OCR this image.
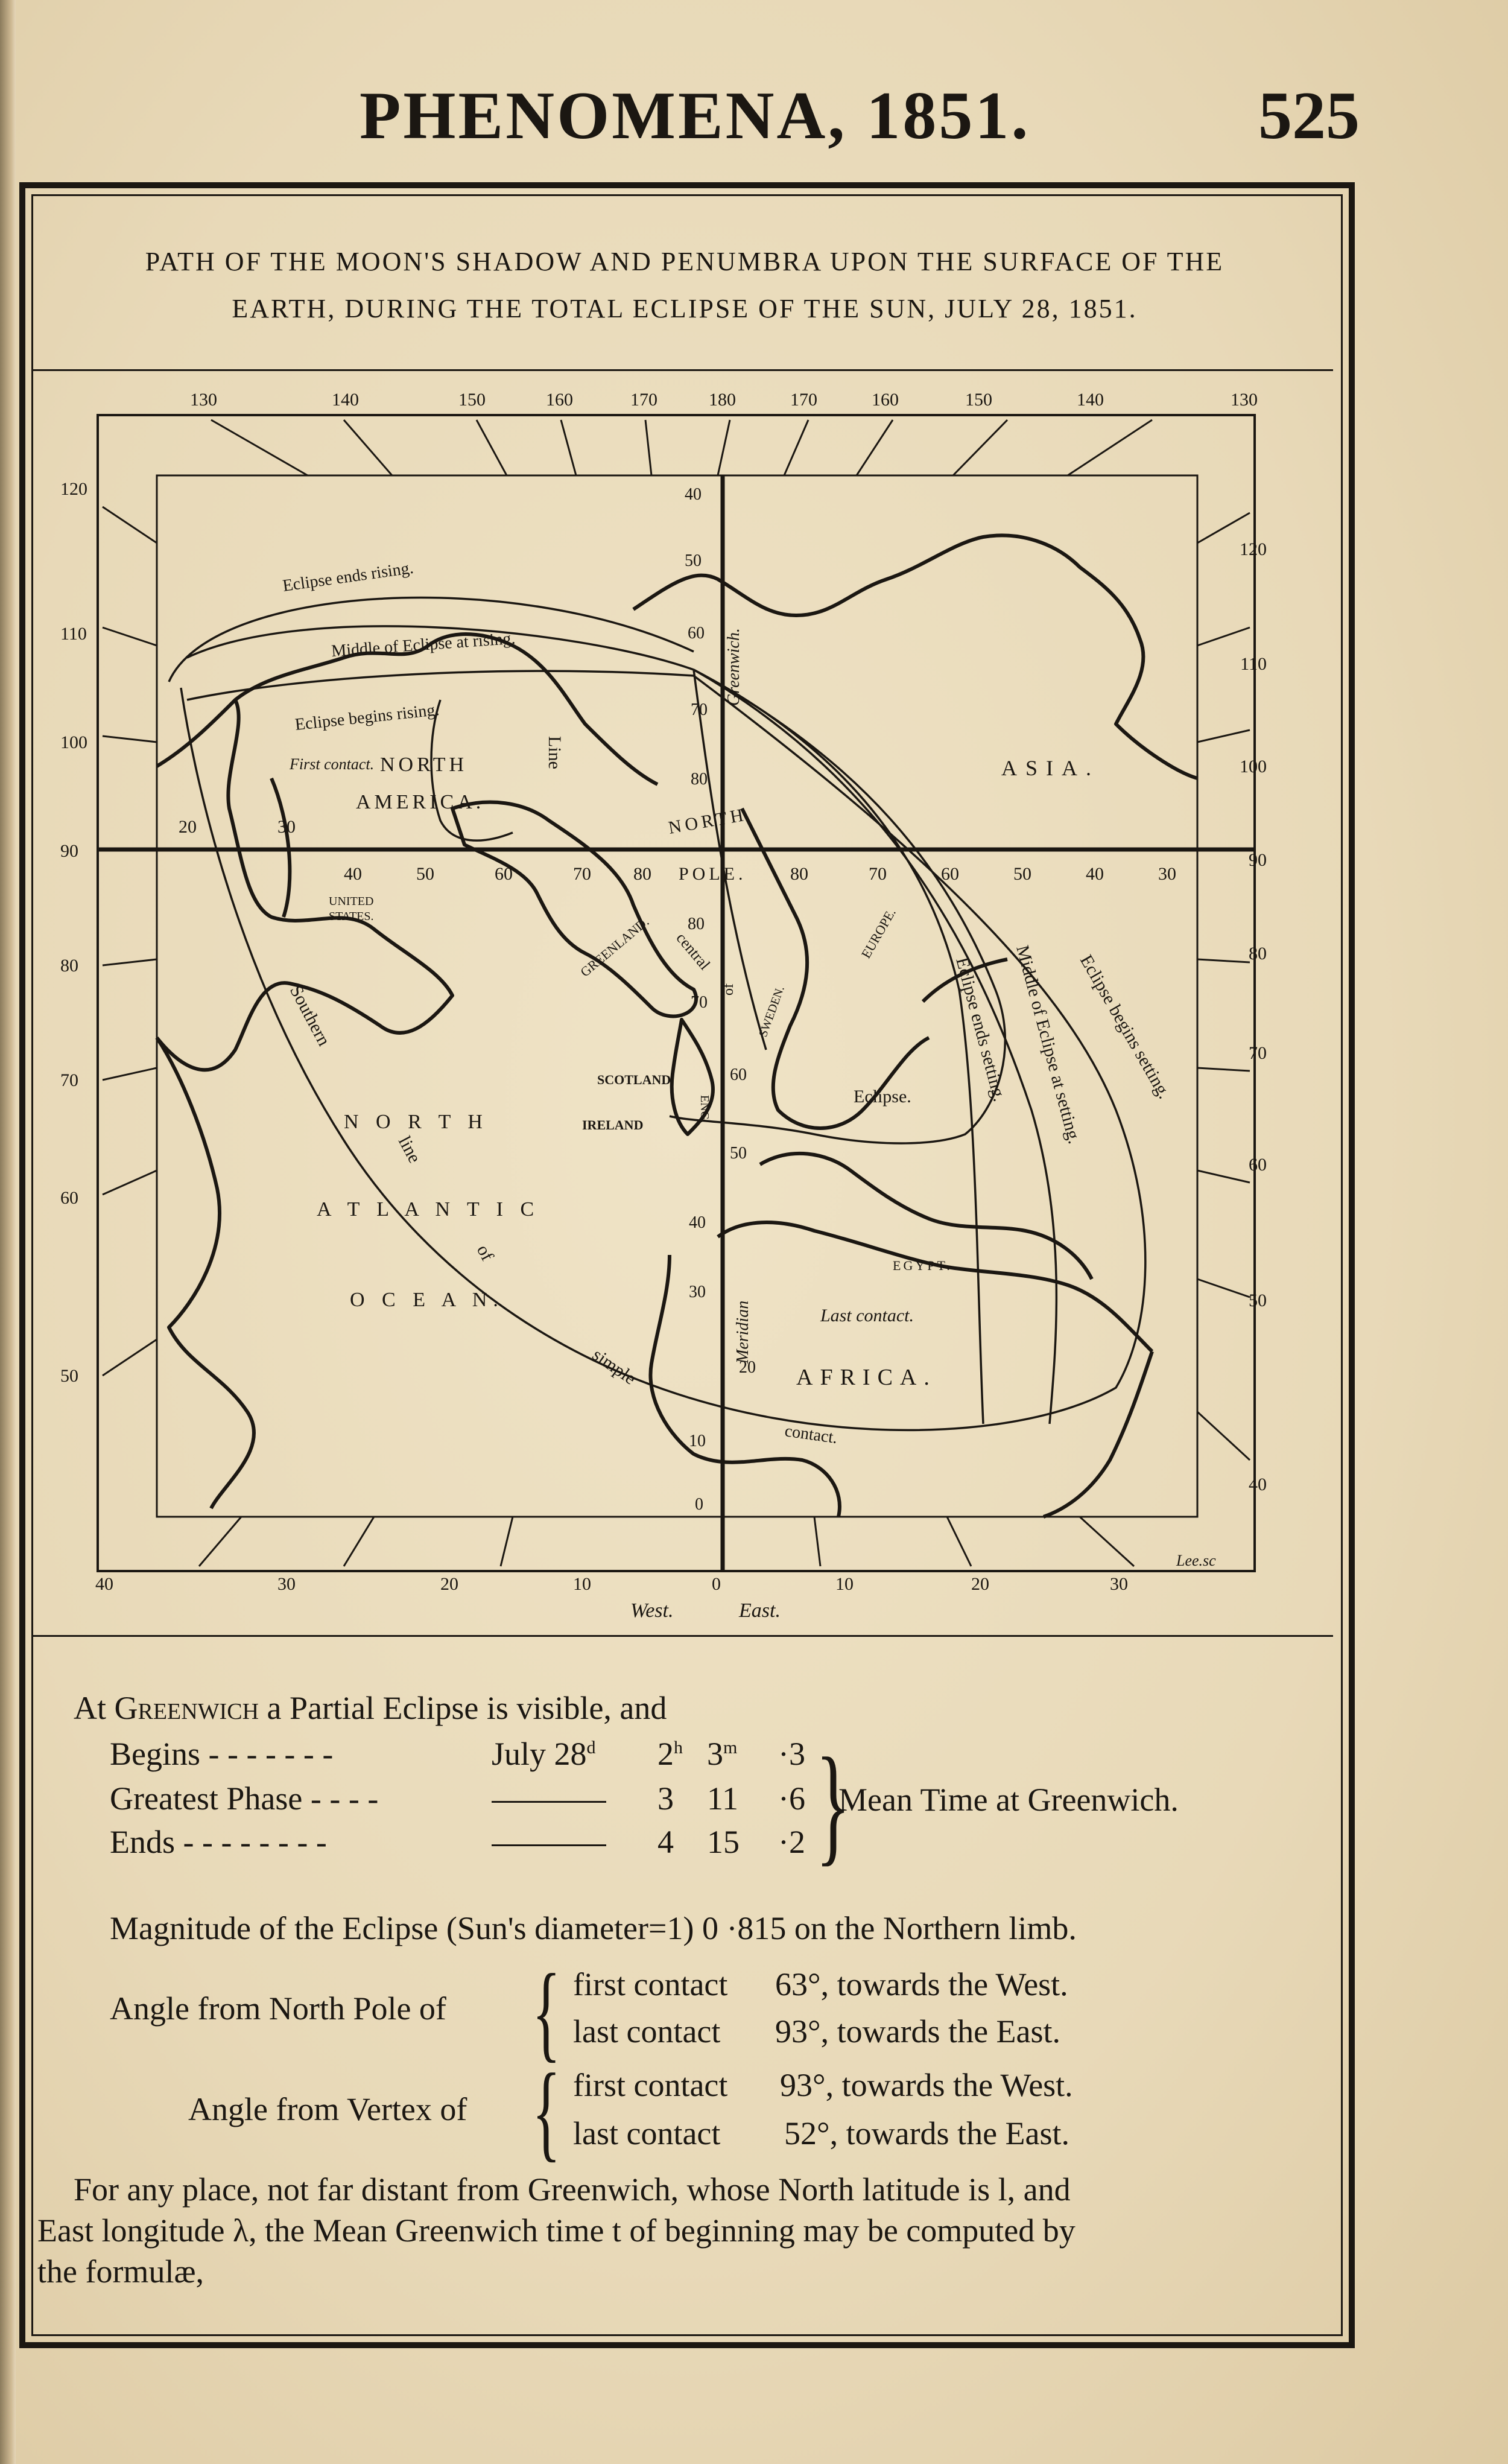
PHENOMENA, 1851.	525
PATH OF THE MOON'S SHADOW AND PENUMBRA UPON THE SURFACE OF THE
EARTH, DURING THE TOTAL ECLIPSE OF THE SUN, JULY 28, 1851.
130	140	150	160	170	180	170	160	150	140	130
120
110
100
90
80
70
60
50
120
110
100
90
80
70
60
50
40
40	30	20	10	0	10	20	30
West.	East.
40
50
60
70
80
80
70
60
50
40
30
20
10
0
40	50	60	70 80	80	70	60	50	40	30
20	30
Eclipse ends rising.
Middle of Eclipse at rising.
Eclipse begins rising.
First contact. NORTH
AMERICA.
ASIA.
Line
NORTH
POLE.
Greenwich.
UNITED
STATES.	GREENLAND. central
of SWEDEN.
EUROPE.
Southern
line
of
simple
contact.
N O R T H
A T L A N T I C
O C E A N.
SCOTLAND
IRELAND
ENG.	Eclipse. Eclipse ends setting. Middle of Eclipse at setting.
Eclipse begins setting.
EGYPT.
Last contact.
AFRICA.
Meridian
Lee.sc
At Greenwich a Partial Eclipse is visible, and
Begins - - - - - - -	July 28$^d$ 2$^h$ $3^m \cdot 3$
Greatest Phase - - - -	3 11 ·6
Ends - - - - - - - -	4 15 ·2 }
Mean Time at Greenwich.
Magnitude of the Eclipse (Sun's diameter=1) 0 ·815 on the Northern limb.
Angle from North Pole of { first contact 63°, towards the West.
last contact 93°, towards the East.
Angle from Vertex of { first contact 93°, towards the West.
last contact 52°, towards the East.
For any place, not far distant from Greenwich, whose North latitude is l, and
East longitude λ, the Mean Greenwich time t of beginning may be computed by
the formulæ,
